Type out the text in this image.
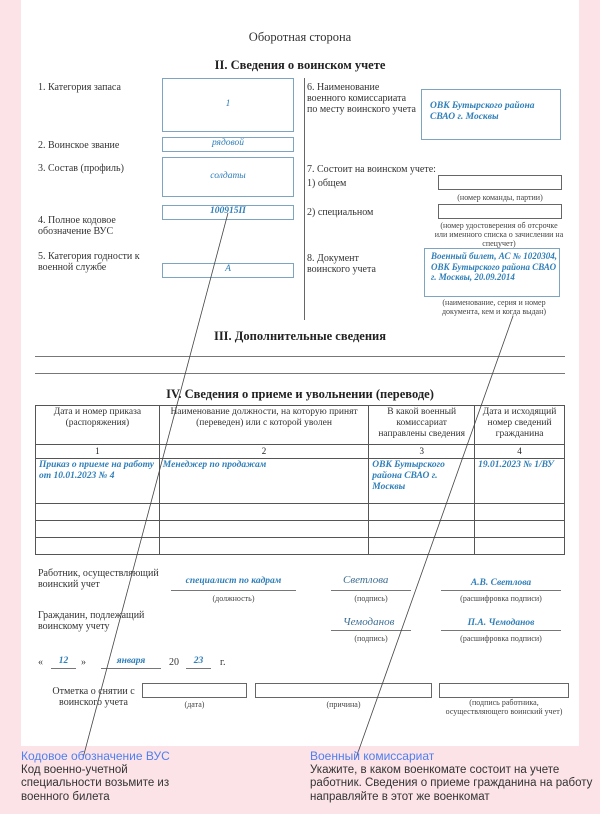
Оборотная сторона
II. Сведения о воинском учете
1. Категория запаса
1
2. Воинское звание	рядовой
3. Состав (профиль)
солдаты
4. Полное кодовое обозначение ВУС
100915П
5. Категория годности к военной службе	А
6. Наименование военного комиссариата по месту воинского учета ОВК Бутырского района СВАО г. Москвы
7. Состоит на воинском учете:
1) общем
(номер команды, партии)
2) специальном
(номер удостоверения об отсрочке или именного списка о зачислении на спецучет)
8. Документ воинского учета
Военный билет, АС № 1020304, ОВК Бутырского района СВАО г. Москвы, 20.09.2014
(наименование, серия и номер документа, кем и когда выдан)
III. Дополнительные сведения
IV. Сведения о приеме и увольнении (переводе)
Дата и номер приказа (распоряжения)	Наименование должности, на которую принят (переведен) или с которой уволен	В какой военный комиссариат направлены сведения	Дата и исходящий номер сведений гражданина
1	2	3	4
Приказ о приеме на работу от 10.01.2023 № 4	Менеджер по продажам	ОВК Бутырского района СВАО г. Москвы	19.01.2023 № 1/ВУ

Работник, осуществляющий воинский учет	специалист по кадрам
(должность)
Светлова
(подпись)
А.В. Светлова
(расшифровка подписи)
Гражданин, подлежащий воинскому учету	Чемоданов
(подпись)
П.А. Чемоданов
(расшифровка подписи)
«	12	»	января	20	23	г.
Отметка о снятии с воинского учета	(дата)	(причина)	(подпись работника, осуществляющего воинский учет)
Кодовое обозначение ВУС
Код военно-учетной специальности возьмите из военного билета
Военный комиссариат
Укажите, в каком военкомате состоит на учете работник. Сведения о приеме гражданина на работу направляйте в этот же военкомат
